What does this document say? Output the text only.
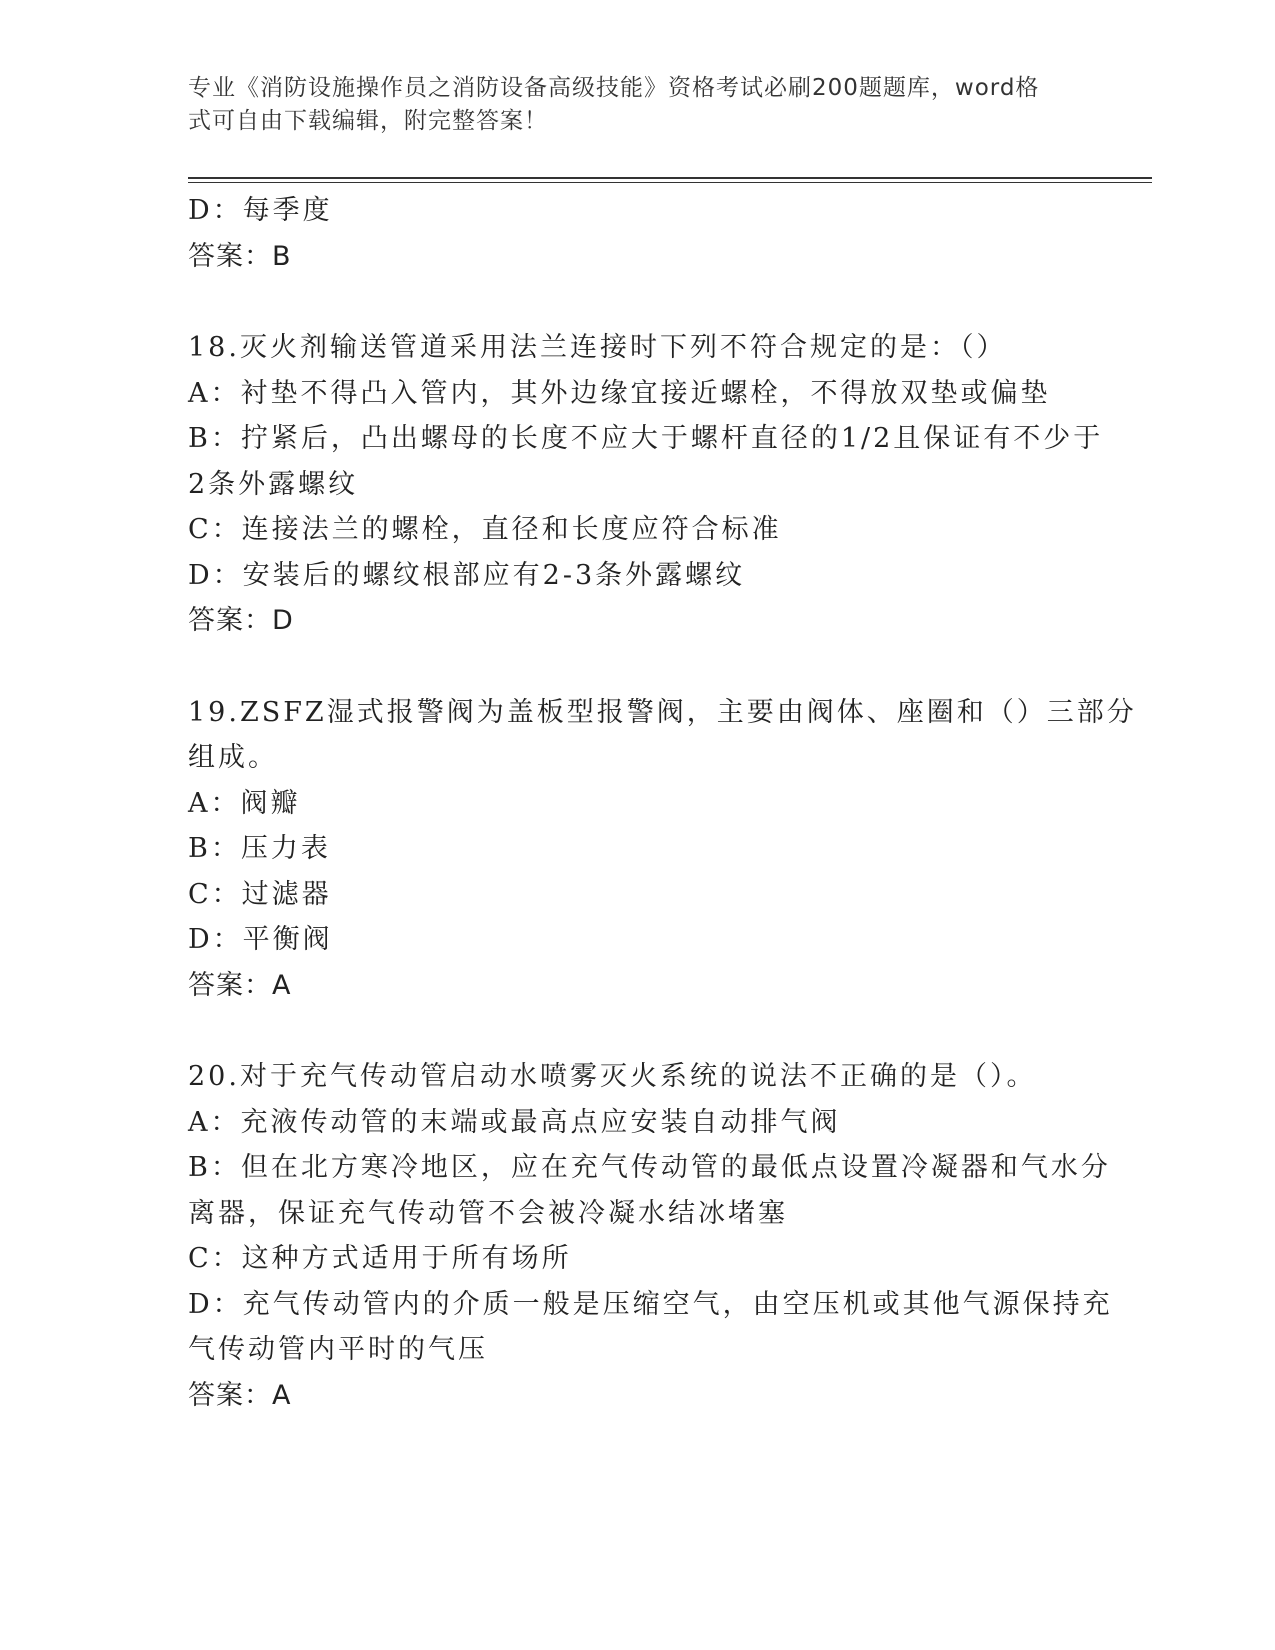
专业《消防设施操作员之消防设备高级技能》资格考试必刷200题题库，word格
式可自由下载编辑，附完整答案！

D：每季度

答案：B

18.灭火剂输送管道采用法兰连接时下列不符合规定的是：（）

A：衬垫不得凸入管内，其外边缘宜接近螺栓，不得放双垫或偏垫

B：拧紧后，凸出螺母的长度不应大于螺杆直径的1/2且保证有不少于

2条外露螺纹

C：连接法兰的螺栓，直径和长度应符合标准

D：安装后的螺纹根部应有2-3条外露螺纹

答案：D

19.ZSFZ湿式报警阀为盖板型报警阀，主要由阀体、座圈和（）三部分

组成。

A：阀瓣

B：压力表

C：过滤器

D：平衡阀

答案：A

20.对于充气传动管启动水喷雾灭火系统的说法不正确的是（）。

A：充液传动管的末端或最高点应安装自动排气阀

B：但在北方寒冷地区，应在充气传动管的最低点设置冷凝器和气水分

离器，保证充气传动管不会被冷凝水结冰堵塞

C：这种方式适用于所有场所

D：充气传动管内的介质一般是压缩空气，由空压机或其他气源保持充

气传动管内平时的气压

答案：A
